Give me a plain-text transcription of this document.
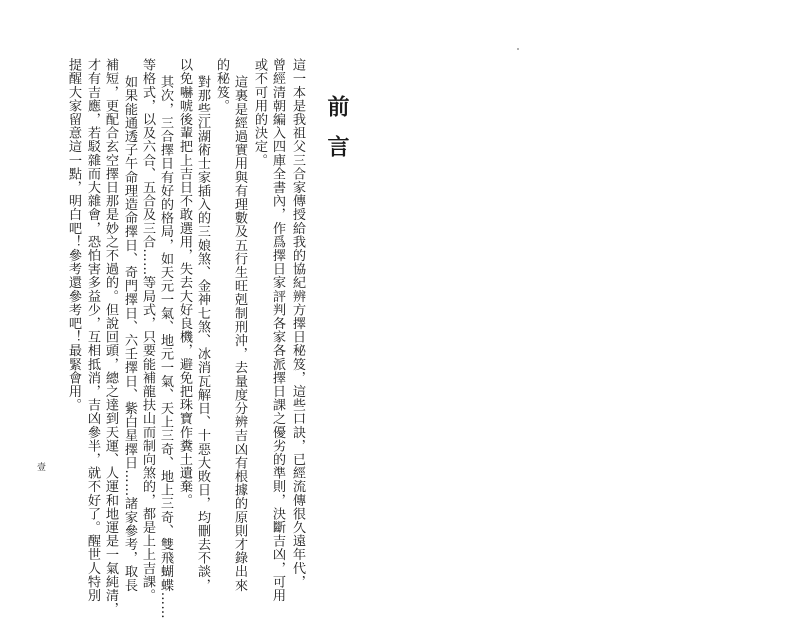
前言
這一本是我祖父三合家傳授給我的協紀辨方擇日秘笈，這些口訣，已經流傳很久遠年代，
曾經清朝編入四庫全書內，作爲擇日家評判各家各派擇日課之優劣的準則，決斷吉凶，可用
或不可用的決定。
這裏是經過實用與有理數及五行生旺剋制刑沖，去量度分辨吉凶有根據的原則才錄出來
的秘笈。
對那些江湖術士家插入的三娘煞、金神七煞、冰消瓦解日、十惡大敗日，均刪去不談，
以免嚇唬後輩把上吉日不敢選用，失去大好良機，避免把珠寶作糞土遺棄。
其次，三合擇日有好的格局，如天元一氣、地元一氣、天上三奇、地上三奇、雙飛蝴蝶……
等格式，以及六合、五合及三合……等局式，只要能補龍扶山而制向煞的，都是上上吉課。
如果能通透子午命理造命擇日、奇門擇日、六壬擇日、紫白星擇日……諸家參考，取長
補短，更配合玄空擇日那是妙之不過的。但說回頭，總之達到天運、人運和地運是一氣純清，
才有吉應，若駁雜而大雜會，恐怕害多益少，互相抵消，吉凶參半，就不好了。醒世人特別
提醒大家留意這一點，明白吧！參考還參考吧！最緊會用。
壹
